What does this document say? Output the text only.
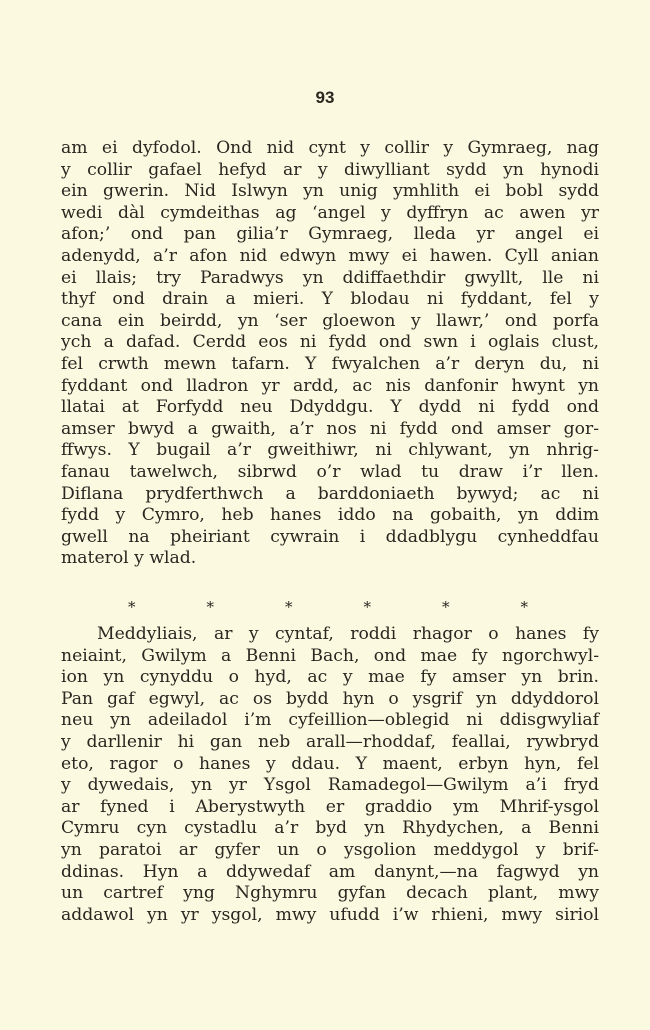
93
am ei dyfodol. Ond nid cynt y collir y Gymraeg, nag
y collir gafael hefyd ar y diwylliant sydd yn hynodi
ein gwerin. Nid Islwyn yn unig ymhlith ei bobl sydd
wedi dàl cymdeithas ag ‘angel y dyffryn ac awen yr
afon;’ ond pan gilia’r Gymraeg, lleda yr angel ei
adenydd, a’r afon nid edwyn mwy ei hawen. Cyll anian
ei llais; try Paradwys yn ddiffaethdir gwyllt, lle ni
thyf ond drain a mieri. Y blodau ni fyddant, fel y
cana ein beirdd, yn ‘ser gloewon y llawr,’ ond porfa
ych a dafad. Cerdd eos ni fydd ond swn i oglais clust,
fel crwth mewn tafarn. Y fwyalchen a’r deryn du, ni
fyddant ond lladron yr ardd, ac nis danfonir hwynt yn
llatai at Forfydd neu Ddyddgu. Y dydd ni fydd ond
amser bwyd a gwaith, a’r nos ni fydd ond amser gor-
ffwys. Y bugail a’r gweithiwr, ni chlywant, yn nhrig-
fanau tawelwch, sibrwd o’r wlad tu draw i’r llen.
Diflana prydferthwch a barddoniaeth bywyd; ac ni
fydd y Cymro, heb hanes iddo na gobaith, yn ddim
gwell na pheiriant cywrain i ddadblygu cynheddfau
materol y wlad.
*	*	*	*	*	*
Meddyliais, ar y cyntaf, roddi rhagor o hanes fy
neiaint, Gwilym a Benni Bach, ond mae fy ngorchwyl-
ion yn cynyddu o hyd, ac y mae fy amser yn brin.
Pan gaf egwyl, ac os bydd hyn o ysgrif yn ddyddorol
neu yn adeiladol i’m cyfeillion—oblegid ni ddisgwyliaf
y darllenir hi gan neb arall—rhoddaf, feallai, rywbryd
eto, ragor o hanes y ddau. Y maent, erbyn hyn, fel
y dywedais, yn yr Ysgol Ramadegol—Gwilym a’i fryd
ar fyned i Aberystwyth er graddio ym Mhrif-ysgol
Cymru cyn cystadlu a’r byd yn Rhydychen, a Benni
yn paratoi ar gyfer un o ysgolion meddygol y brif-
ddinas. Hyn a ddywedaf am danynt,—na fagwyd yn
un cartref yng Nghymru gyfan decach plant, mwy
addawol yn yr ysgol, mwy ufudd i’w rhieni, mwy siriol
